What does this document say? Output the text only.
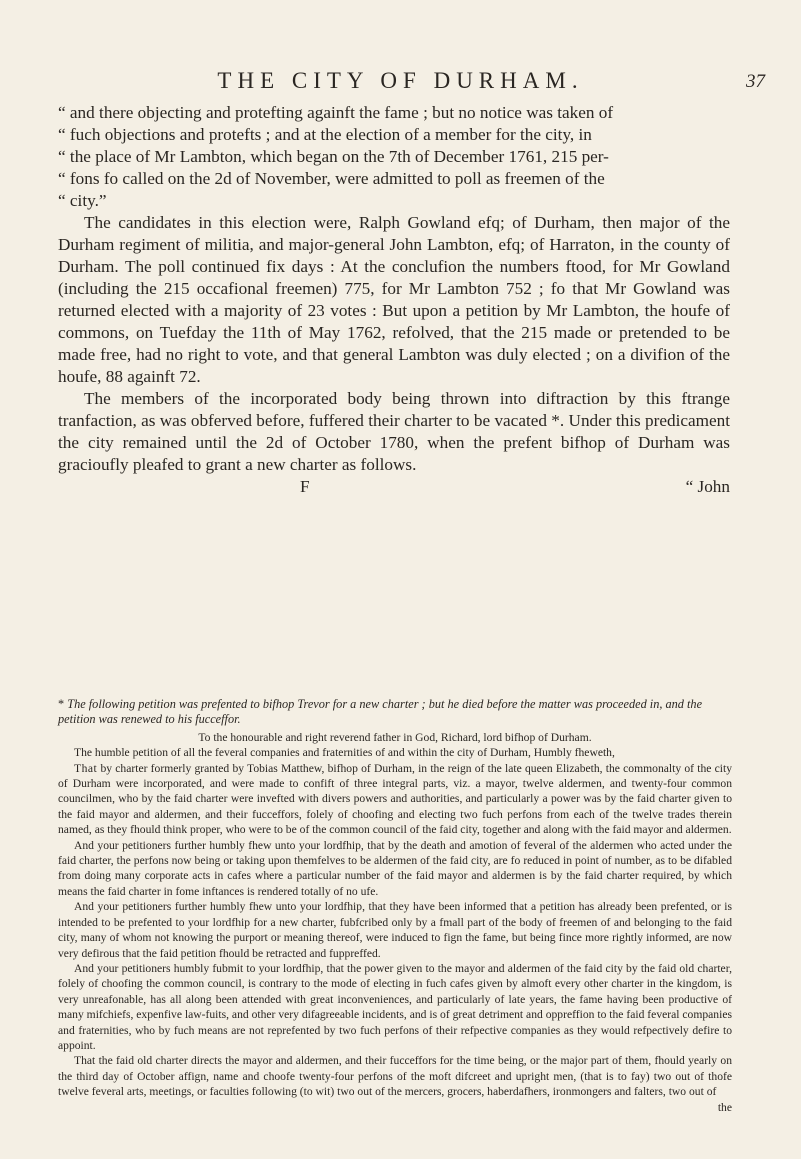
THE CITY OF DURHAM.	37

“ and there objecting and protefting againft the fame ; but no notice was taken of

“ fuch objections and protefts ; and at the election of a member for the city, in

“ the place of Mr Lambton, which began on the 7th of December 1761, 215 per-

“ fons fo called on the 2d of November, were admitted to poll as freemen of the

“ city.”

The candidates in this election were, Ralph Gowland efq; of Durham, then major of the Durham regiment of militia, and major-general John Lambton, efq; of Harraton, in the county of Durham. The poll continued fix days : At the conclufion the numbers ftood, for Mr Gowland (including the 215 occafional freemen) 775, for Mr Lambton 752 ; fo that Mr Gowland was returned elected with a majority of 23 votes : But upon a petition by Mr Lambton, the houfe of commons, on Tuefday the 11th of May 1762, refolved, that the 215 made or pretended to be made free, had no right to vote, and that general Lambton was duly elected ; on a divifion of the houfe, 88 againft 72.

The members of the incorporated body being thrown into diftraction by this ftrange tranfaction, as was obferved before, fuffered their charter to be vacated *. Under this predicament the city remained until the 2d of October 1780, when the prefent bifhop of Durham was gracioufly pleafed to grant a new charter as follows.

F	“ John

* The following petition was prefented to bifhop Trevor for a new charter ; but he died before the matter was proceeded in, and the petition was renewed to his fucceffor.

To the honourable and right reverend father in God, Richard, lord bifhop of Durham.

The humble petition of all the feveral companies and fraternities of and within the city of Durham, Humbly fheweth,

That by charter formerly granted by Tobias Matthew, bifhop of Durham, in the reign of the late queen Elizabeth, the commonalty of the city of Durham were incorporated, and were made to confift of three integral parts, viz. a mayor, twelve aldermen, and twenty-four common councilmen, who by the faid charter were invefted with divers powers and authorities, and particularly a power was by the faid charter given to the faid mayor and aldermen, and their fucceffors, folely of choofing and electing two fuch perfons from each of the twelve trades therein named, as they fhould think proper, who were to be of the common council of the faid city, together and along with the faid mayor and aldermen.

And your petitioners further humbly fhew unto your lordfhip, that by the death and amotion of feveral of the aldermen who acted under the faid charter, the perfons now being or taking upon themfelves to be aldermen of the faid city, are fo reduced in point of number, as to be difabled from doing many corporate acts in cafes where a particular number of the faid mayor and aldermen is by the faid charter required, by which means the faid charter in fome inftances is rendered totally of no ufe.

And your petitioners further humbly fhew unto your lordfhip, that they have been informed that a petition has already been prefented, or is intended to be prefented to your lordfhip for a new charter, fubfcribed only by a fmall part of the body of freemen of and belonging to the faid city, many of whom not knowing the purport or meaning thereof, were induced to fign the fame, but being fince more rightly informed, are now very defirous that the faid petition fhould be retracted and fuppreffed.

And your petitioners humbly fubmit to your lordfhip, that the power given to the mayor and aldermen of the faid city by the faid old charter, folely of choofing the common council, is contrary to the mode of electing in fuch cafes given by almoft every other charter in the kingdom, is very unreafonable, has all along been attended with great inconveniences, and particularly of late years, the fame having been productive of many mifchiefs, expenfive law-fuits, and other very difagreeable incidents, and is of great detriment and oppreffion to the faid feveral companies and fraternities, who by fuch means are not reprefented by two fuch perfons of their refpective companies as they would refpectively defire to appoint.

That the faid old charter directs the mayor and aldermen, and their fucceffors for the time being, or the major part of them, fhould yearly on the third day of October affign, name and choofe twenty-four perfons of the moft difcreet and upright men, (that is to fay) two out of thofe twelve feveral arts, meetings, or faculties following (to wit) two out of the mercers, grocers, haberdafhers, ironmongers and falters, two out of

the
